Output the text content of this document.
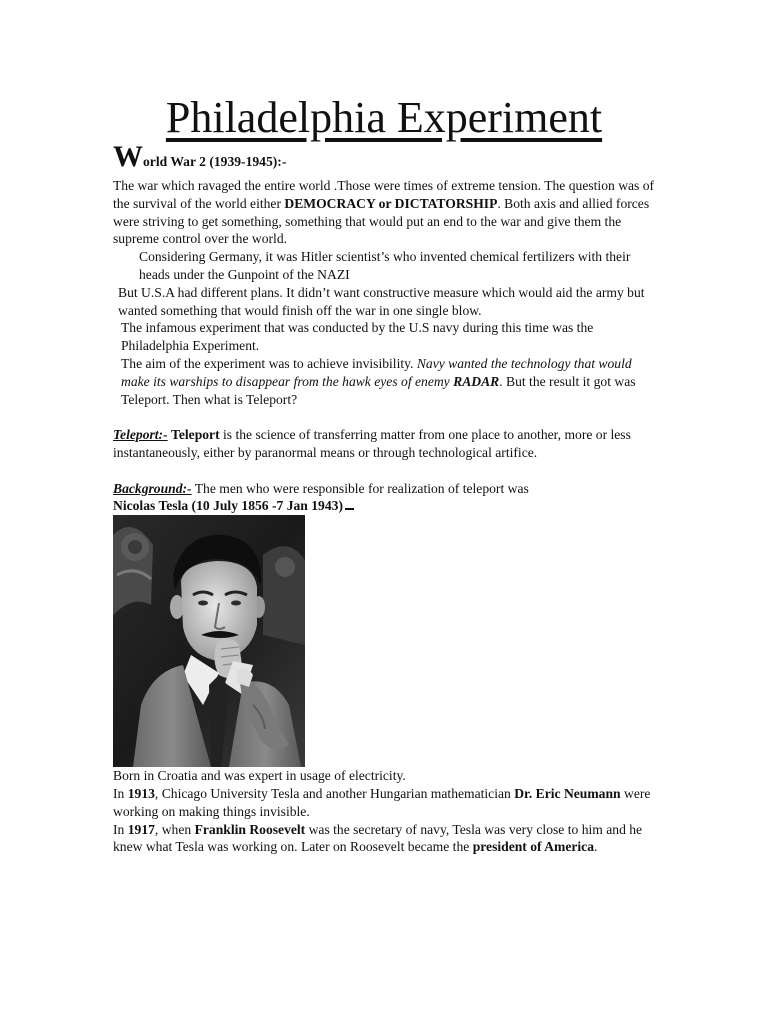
Philadelphia Experiment

World War 2 (1939-1945):-

The war which ravaged the entire world .Those were times of extreme tension. The question was of the survival of the world either DEMOCRACY or DICTATORSHIP. Both axis and allied forces were striving to get something, something that would put an end to the war and give them the supreme control over the world.

Considering Germany, it was Hitler scientist’s who invented chemical fertilizers with their heads under the Gunpoint of the NAZI

But U.S.A had different plans. It didn’t want constructive measure which would aid the army but wanted something that would finish off the war in one single blow.

The infamous experiment that was conducted by the U.S navy during this time was the Philadelphia Experiment.

The aim of the experiment was to achieve invisibility. Navy wanted the technology that would make its warships to disappear from the hawk eyes of enemy RADAR. But the result it got was Teleport. Then what is Teleport?

Teleport:- Teleport is the science of transferring matter from one place to another, more or less instantaneously, either by paranormal means or through technological artifice.

Background:- The men who were responsible for realization of teleport was

Nicolas Tesla (10 July 1856 -7 Jan 1943)

Born in Croatia and was expert in usage of electricity.

In 1913, Chicago University Tesla and another Hungarian mathematician Dr. Eric Neumann were working on making things invisible.

In 1917, when Franklin Roosevelt was the secretary of navy, Tesla was very close to him and he knew what Tesla was working on. Later on Roosevelt became the president of America.
